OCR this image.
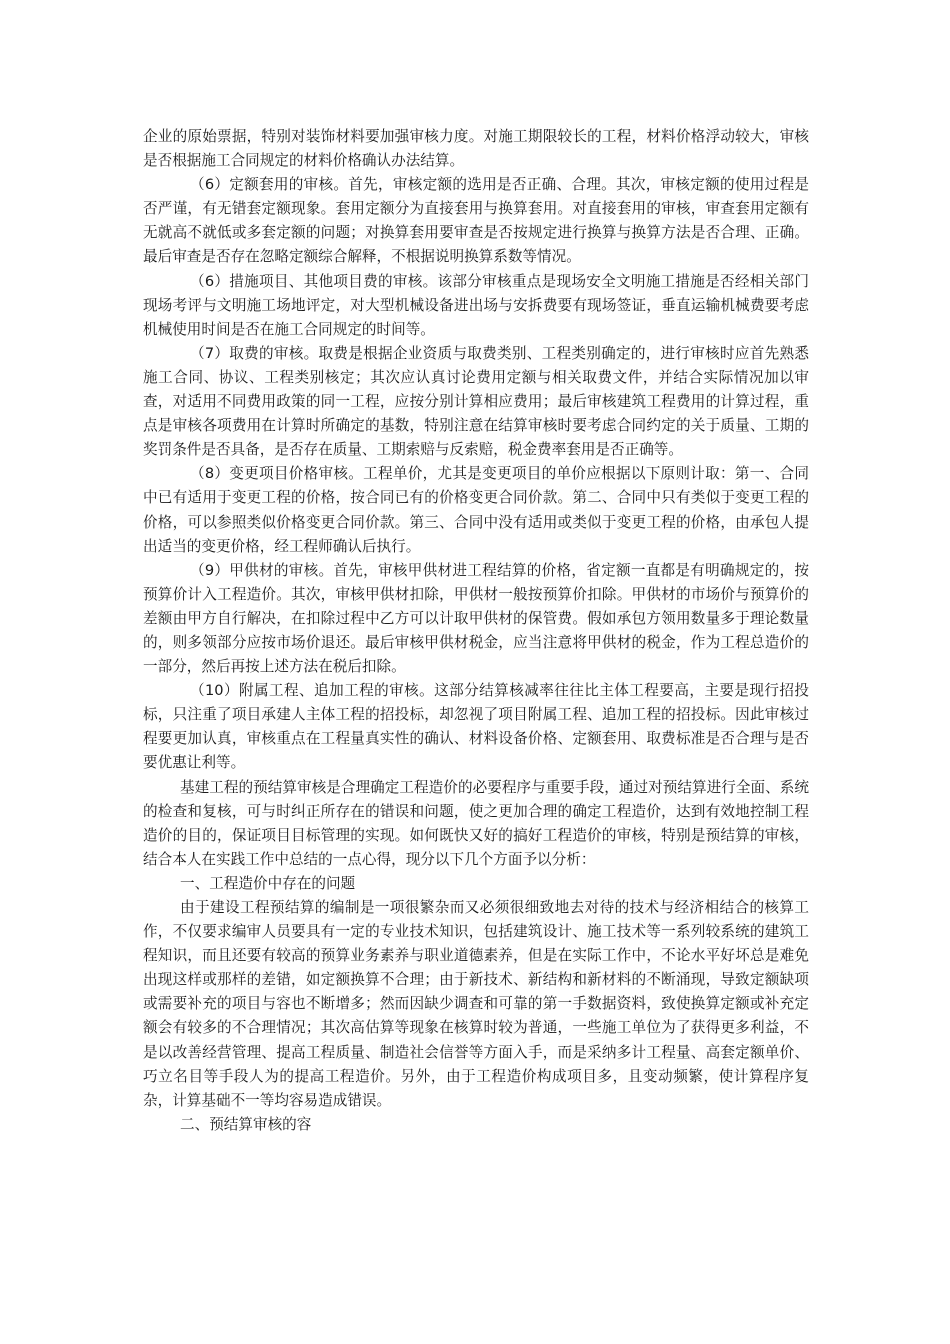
企业的原始票据，特别对装饰材料要加强审核力度。对施工期限较长的工程，材料价格浮动较大，审核是否根据施工合同规定的材料价格确认办法结算。

（6）定额套用的审核。首先，审核定额的选用是否正确、合理。其次，审核定额的使用过程是否严谨，有无错套定额现象。套用定额分为直接套用与换算套用。对直接套用的审核，审查套用定额有无就高不就低或多套定额的问题；对换算套用要审查是否按规定进行换算与换算方法是否合理、正确。最后审查是否存在忽略定额综合解释，不根据说明换算系数等情况。

（6）措施项目、其他项目费的审核。该部分审核重点是现场安全文明施工措施是否经相关部门现场考评与文明施工场地评定，对大型机械设备进出场与安拆费要有现场签证，垂直运输机械费要考虑机械使用时间是否在施工合同规定的时间等。

（7）取费的审核。取费是根据企业资质与取费类别、工程类别确定的，进行审核时应首先熟悉施工合同、协议、工程类别核定；其次应认真讨论费用定额与相关取费文件，并结合实际情况加以审查，对适用不同费用政策的同一工程，应按分别计算相应费用；最后审核建筑工程费用的计算过程，重点是审核各项费用在计算时所确定的基数，特别注意在结算审核时要考虑合同约定的关于质量、工期的奖罚条件是否具备，是否存在质量、工期索赔与反索赔，税金费率套用是否正确等。

（8）变更项目价格审核。工程单价，尤其是变更项目的单价应根据以下原则计取：第一、合同中已有适用于变更工程的价格，按合同已有的价格变更合同价款。第二、合同中只有类似于变更工程的价格，可以参照类似价格变更合同价款。第三、合同中没有适用或类似于变更工程的价格，由承包人提出适当的变更价格，经工程师确认后执行。

（9）甲供材的审核。首先，审核甲供材进工程结算的价格，省定额一直都是有明确规定的，按预算价计入工程造价。其次，审核甲供材扣除，甲供材一般按预算价扣除。甲供材的市场价与预算价的差额由甲方自行解决，在扣除过程中乙方可以计取甲供材的保管费。假如承包方领用数量多于理论数量的，则多领部分应按市场价退还。最后审核甲供材税金，应当注意将甲供材的税金，作为工程总造价的一部分，然后再按上述方法在税后扣除。

（10）附属工程、追加工程的审核。这部分结算核减率往往比主体工程要高，主要是现行招投标，只注重了项目承建人主体工程的招投标，却忽视了项目附属工程、追加工程的招投标。因此审核过程要更加认真，审核重点在工程量真实性的确认、材料设备价格、定额套用、取费标准是否合理与是否要优惠让利等。

基建工程的预结算审核是合理确定工程造价的必要程序与重要手段，通过对预结算进行全面、系统的检查和复核，可与时纠正所存在的错误和问题，使之更加合理的确定工程造价，达到有效地控制工程造价的目的，保证项目目标管理的实现。如何既快又好的搞好工程造价的审核，特别是预结算的审核，结合本人在实践工作中总结的一点心得，现分以下几个方面予以分析：

一、工程造价中存在的问题

由于建设工程预结算的编制是一项很繁杂而又必须很细致地去对待的技术与经济相结合的核算工作，不仅要求编审人员要具有一定的专业技术知识，包括建筑设计、施工技术等一系列较系统的建筑工程知识，而且还要有较高的预算业务素养与职业道德素养，但是在实际工作中，不论水平好坏总是难免出现这样或那样的差错，如定额换算不合理；由于新技术、新结构和新材料的不断涌现，导致定额缺项或需要补充的项目与容也不断增多；然而因缺少调查和可靠的第一手数据资料，致使换算定额或补充定额会有较多的不合理情况；其次高估算等现象在核算时较为普通，一些施工单位为了获得更多利益，不是以改善经营管理、提高工程质量、制造社会信誉等方面入手，而是采纳多计工程量、高套定额单价、巧立名目等手段人为的提高工程造价。另外，由于工程造价构成项目多，且变动频繁，使计算程序复杂，计算基础不一等均容易造成错误。

二、预结算审核的容
